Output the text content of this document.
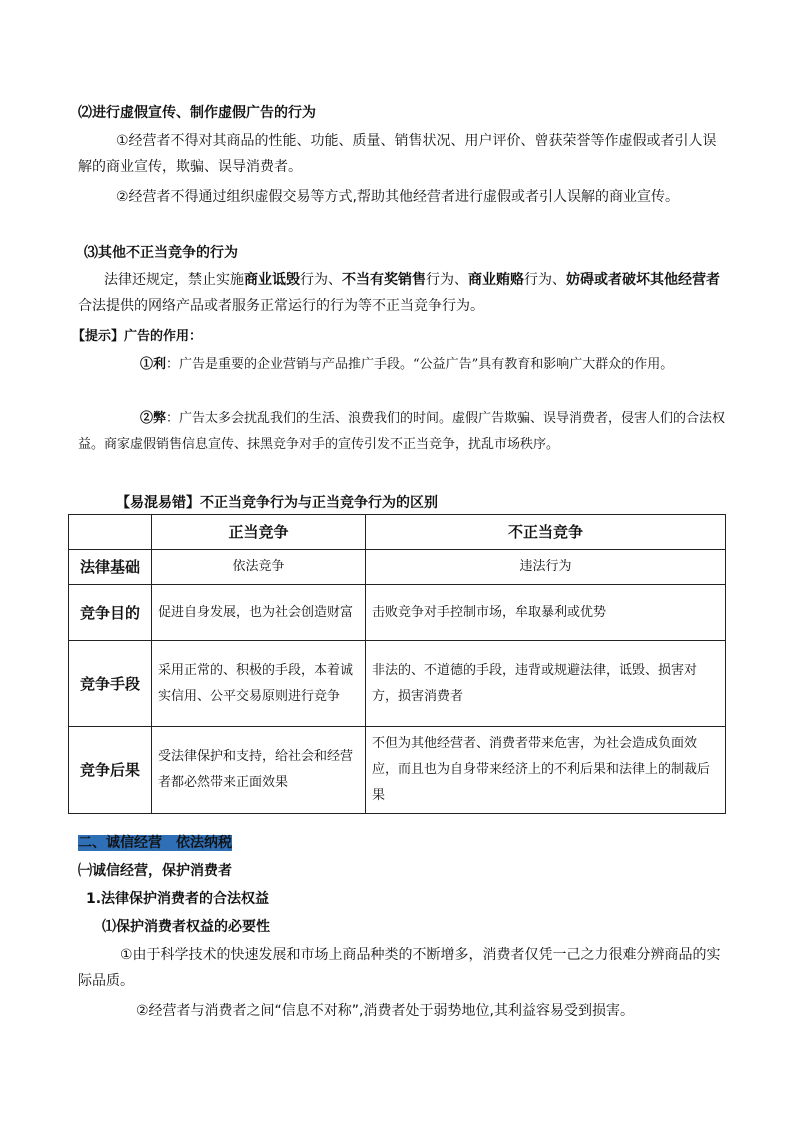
⑵进行虚假宣传、制作虚假广告的行为

①经营者不得对其商品的性能、功能、质量、销售状况、用户评价、曾获荣誉等作虚假或者引人误解的商业宣传，欺骗、误导消费者。

②经营者不得通过组织虚假交易等方式,帮助其他经营者进行虚假或者引人误解的商业宣传。

⑶其他不正当竞争的行为

法律还规定，禁止实施商业诋毁行为、不当有奖销售行为、商业贿赂行为、妨碍或者破坏其他经营者合法提供的网络产品或者服务正常运行的行为等不正当竞争行为。

【提示】广告的作用：

①利：广告是重要的企业营销与产品推广手段。“公益广告”具有教育和影响广大群众的作用。

②弊：广告太多会扰乱我们的生活、浪费我们的时间。虚假广告欺骗、误导消费者，侵害人们的合法权益。商家虚假销售信息宣传、抹黑竞争对手的宣传引发不正当竞争，扰乱市场秩序。

【易混易错】不正当竞争行为与正当竞争行为的区别

	正当竞争	不正当竞争
法律基础	依法竞争	违法行为
竞争目的	促进自身发展，也为社会创造财富	击败竞争对手控制市场，牟取暴利或优势
竞争手段	采用正常的、积极的手段，本着诚实信用、公平交易原则进行竞争	非法的、不道德的手段，违背或规避法律，诋毁、损害对方，损害消费者
竞争后果	受法律保护和支持，给社会和经营者都必然带来正面效果	不但为其他经营者、消费者带来危害，为社会造成负面效应，而且也为自身带来经济上的不利后果和法律上的制裁后果

二、诚信经营　依法纳税

㈠诚信经营，保护消费者

1.法律保护消费者的合法权益

⑴保护消费者权益的必要性

①由于科学技术的快速发展和市场上商品种类的不断增多，消费者仅凭一己之力很难分辨商品的实际品质。

②经营者与消费者之间“信息不对称”,消费者处于弱势地位,其利益容易受到损害。
